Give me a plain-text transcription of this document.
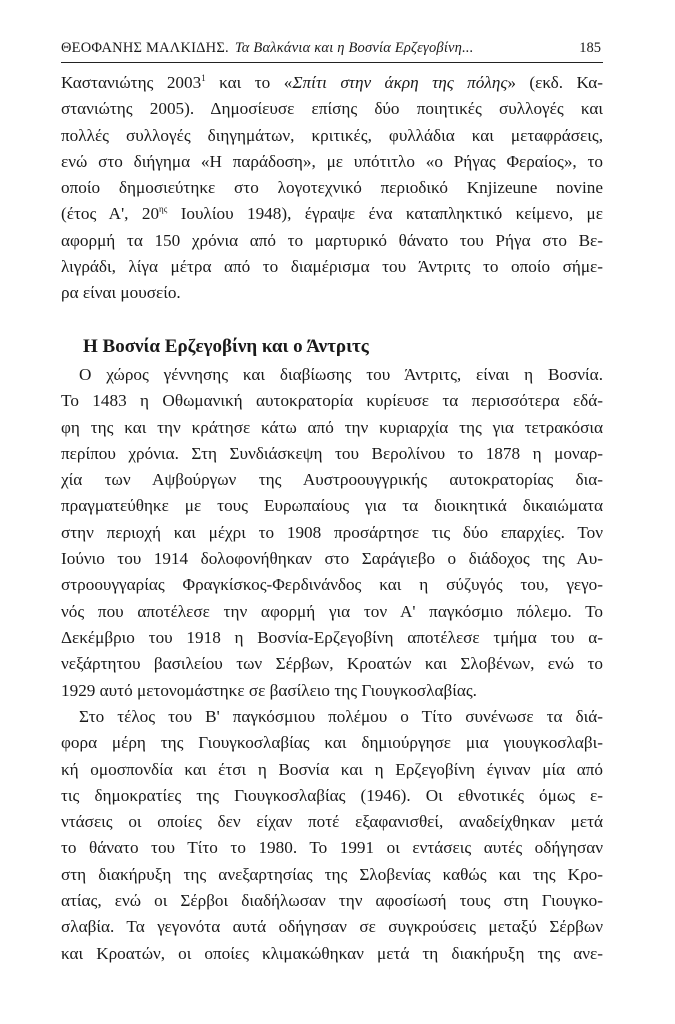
ΘΕΟΦΑΝΗΣ ΜΑΛΚΙΔΗΣ. Τα Βαλκάνια και η Βοσνία Ερζεγοβίνη...	185
Καστανιώτης 2003$^1$ και το «Σπίτι στην άκρη της πόλης» (εκδ. Κα-
στανιώτης 2005). Δημοσίευσε επίσης δύο ποιητικές συλλογές και
πολλές συλλογές διηγημάτων, κριτικές, φυλλάδια και μεταφράσεις,
ενώ στο διήγημα «Η παράδοση», με υπότιτλο «ο Ρήγας Φεραίος», το
οποίο δημοσιεύτηκε στο λογοτεχνικό περιοδικό Knjizeune novine
(έτος Α', $20^{\eta\varsigma}$ Ιουλίου 1948), έγραψε ένα καταπληκτικό κείμενο, με
αφορμή τα 150 χρόνια από το μαρτυρικό θάνατο του Ρήγα στο Βε-
λιγράδι, λίγα μέτρα από το διαμέρισμα του Άντριτς το οποίο σήμε-
ρα είναι μουσείο.
Η Βοσνία Ερζεγοβίνη και ο Άντριτς
Ο χώρος γέννησης και διαβίωσης του Άντριτς, είναι η Βοσνία.
Το 1483 η Οθωμανική αυτοκρατορία κυρίευσε τα περισσότερα εδά-
φη της και την κράτησε κάτω από την κυριαρχία της για τετρακόσια
περίπου χρόνια. Στη Συνδιάσκεψη του Βερολίνου το 1878 η μοναρ-
χία των Αψβούργων της Αυστροουγγρικής αυτοκρατορίας δια-
πραγματεύθηκε με τους Ευρωπαίους για τα διοικητικά δικαιώματα
στην περιοχή και μέχρι το 1908 προσάρτησε τις δύο επαρχίες. Τον
Ιούνιο του 1914 δολοφονήθηκαν στο Σαράγιεβο ο διάδοχος της Αυ-
στροουγγαρίας Φραγκίσκος-Φερδινάνδος και η σύζυγός του, γεγο-
νός που αποτέλεσε την αφορμή για τον Α' παγκόσμιο πόλεμο. Το
Δεκέμβριο του 1918 η Βοσνία-Ερζεγοβίνη αποτέλεσε τμήμα του α-
νεξάρτητου βασιλείου των Σέρβων, Κροατών και Σλοβένων, ενώ το
1929 αυτό μετονομάστηκε σε βασίλειο της Γιουγκοσλαβίας.
Στο τέλος του Β' παγκόσμιου πολέμου ο Τίτο συνένωσε τα διά-
φορα μέρη της Γιουγκοσλαβίας και δημιούργησε μια γιουγκοσλαβι-
κή ομοσπονδία και έτσι η Βοσνία και η Ερζεγοβίνη έγιναν μία από
τις δημοκρατίες της Γιουγκοσλαβίας (1946). Οι εθνοτικές όμως ε-
ντάσεις οι οποίες δεν είχαν ποτέ εξαφανισθεί, αναδείχθηκαν μετά
το θάνατο του Τίτο το 1980. Το 1991 οι εντάσεις αυτές οδήγησαν
στη διακήρυξη της ανεξαρτησίας της Σλοβενίας καθώς και της Κρο-
ατίας, ενώ οι Σέρβοι διαδήλωσαν την αφοσίωσή τους στη Γιουγκο-
σλαβία. Τα γεγονότα αυτά οδήγησαν σε συγκρούσεις μεταξύ Σέρβων
και Κροατών, οι οποίες κλιμακώθηκαν μετά τη διακήρυξη της ανε-
